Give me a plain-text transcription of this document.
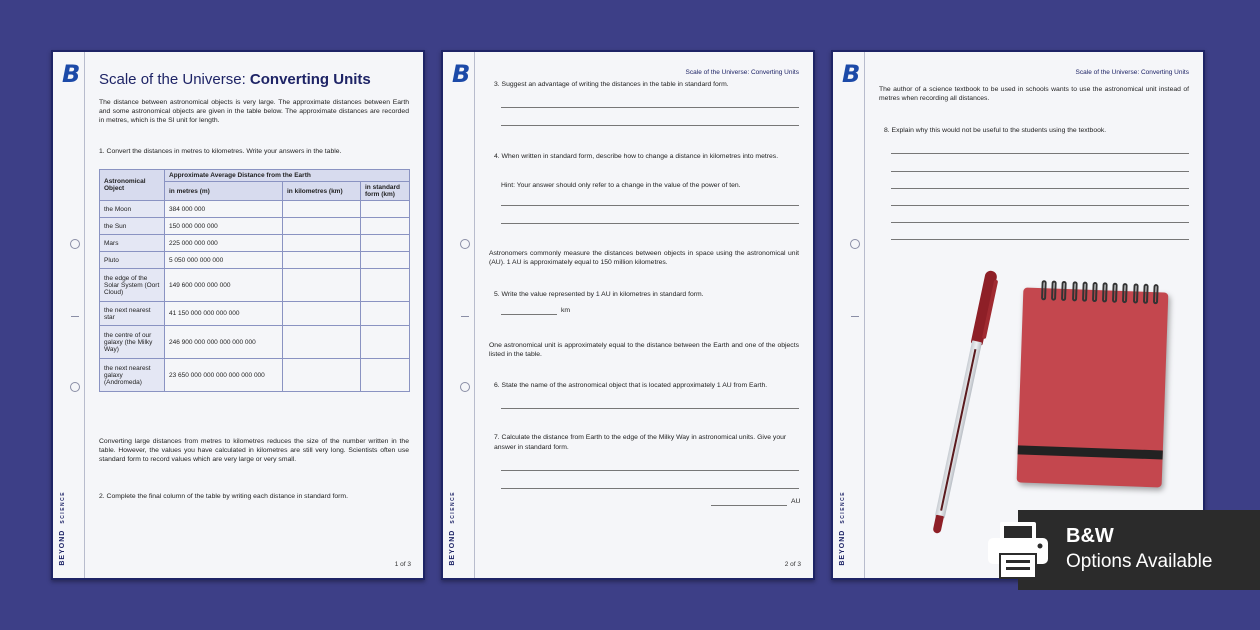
B
BEYOND SCIENCE
Scale of the Universe: Converting Units
The distance between astronomical objects is very large. The approximate distances between Earth and some astronomical objects are given in the table below. The approximate distances are recorded in metres, which is the SI unit for length.
1. Convert the distances in metres to kilometres. Write your answers in the table.
Astronomical Object	Approximate Average Distance from the Earth		
	in metres (m)	in kilometres (km)	in standard form (km)
the Moon	384 000 000		
the Sun	150 000 000 000		
Mars	225 000 000 000		
Pluto	5 050 000 000 000		
the edge of the Solar System (Oort Cloud)	149 600 000 000 000		
the next nearest star	41 150 000 000 000 000		
the centre of our galaxy (the Milky Way)	246 900 000 000 000 000 000		
the next nearest galaxy (Andromeda)	23 650 000 000 000 000 000 000		
Converting large distances from metres to kilometres reduces the size of the number written in the table. However, the values you have calculated in kilometres are still very long. Scientists often use standard form to record values which are very large or very small.
2. Complete the final column of the table by writing each distance in standard form.
1 of 3
B
BEYOND SCIENCE
Scale of the Universe: Converting Units
3. Suggest an advantage of writing the distances in the table in standard form.
4. When written in standard form, describe how to change a distance in kilometres into metres.
Hint: Your answer should only refer to a change in the value of the power of ten.
Astronomers commonly measure the distances between objects in space using the astronomical unit (AU). 1 AU is approximately equal to 150 million kilometres.
5. Write the value represented by 1 AU in kilometres in standard form.
km
One astronomical unit is approximately equal to the distance between the Earth and one of the objects listed in the table.
6. State the name of the astronomical object that is located approximately 1 AU from Earth.
7. Calculate the distance from Earth to the edge of the Milky Way in astronomical units. Give your answer in standard form.
AU
2 of 3
B
BEYOND SCIENCE
Scale of the Universe: Converting Units
The author of a science textbook to be used in schools wants to use the astronomical unit instead of metres when recording all distances.
8. Explain why this would not be useful to the students using the textbook.
B&W
Options Available
